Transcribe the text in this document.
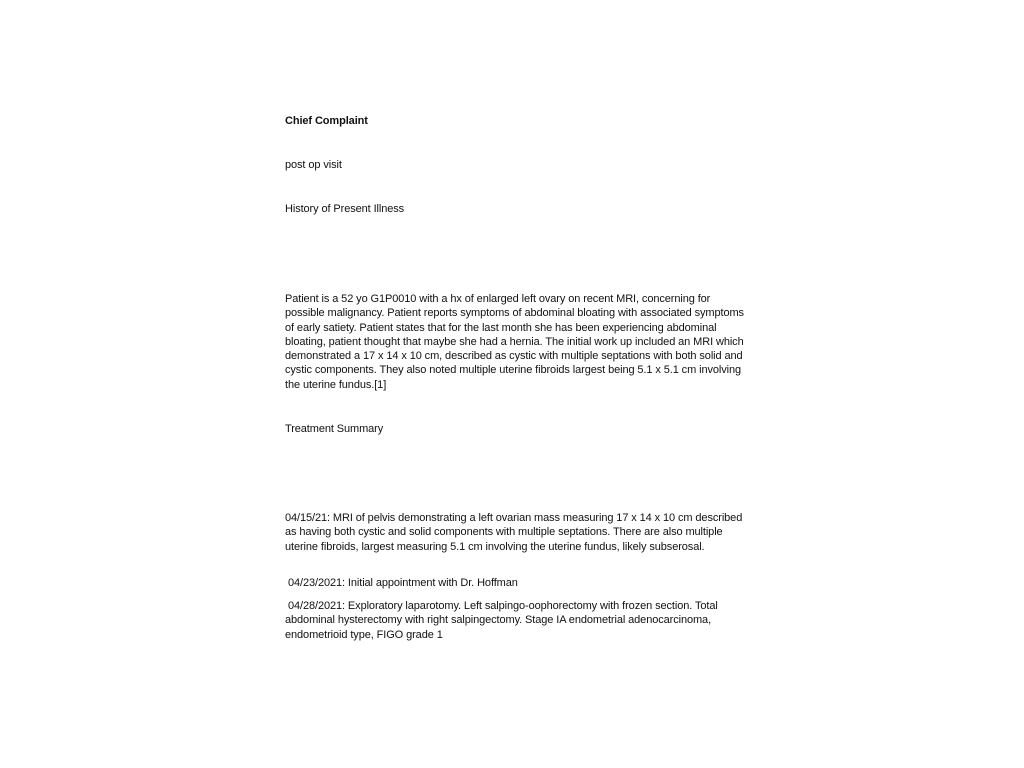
Chief Complaint
post op visit
History of Present Illness

Patient is a 52 yo G1P0010 with a hx of enlarged left ovary on recent MRI, concerning for possible malignancy. Patient reports symptoms of abdominal bloating with associated symptoms of early satiety. Patient states that for the last month she has been experiencing abdominal bloating, patient thought that maybe she had a hernia. The initial work up included an MRI which demonstrated a 17 x 14 x 10 cm, described as cystic with multiple septations with both solid and cystic components. They also noted multiple uterine fibroids largest being 5.1 x 5.1 cm involving the uterine fundus.[1]

Treatment Summary

04/15/21: MRI of pelvis demonstrating a left ovarian mass measuring 17 x 14 x 10 cm described as having both cystic and solid components with multiple septations. There are also multiple uterine fibroids, largest measuring 5.1 cm involving the uterine fundus, likely subserosal.

04/23/2021: Initial appointment with Dr. Hoffman

04/28/2021: Exploratory laparotomy. Left salpingo-oophorectomy with frozen section. Total abdominal hysterectomy with right salpingectomy. Stage IA endometrial adenocarcinoma, endometrioid type, FIGO grade 1
